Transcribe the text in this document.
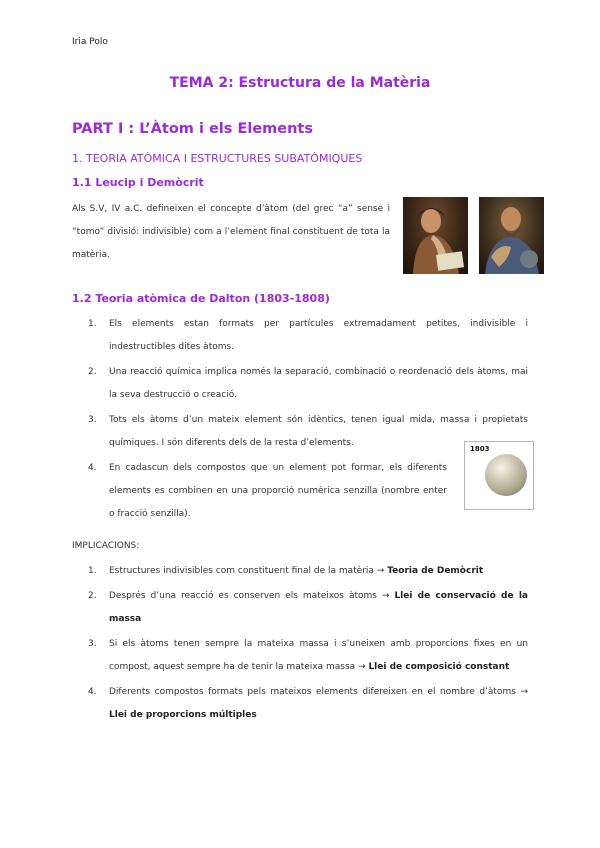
Iria Polo
TEMA 2: Estructura de la Matèria
PART I : L’Àtom i els Elements
1. TEORIA ATÒMICA I ESTRUCTURES SUBATÒMIQUES
1.1 Leucip i Demòcrit
Als S.V, IV a.C. defineixen el concepte d’àtom (del grec “a” sense i “tomo” divisió: indivisible) com a l’element final constituent de tota la matèria.
1.2 Teoria atòmica de Dalton (1803-1808)
1. Els elements estan formats per partícules extremadament petites, indivisible i indestructibles dites àtoms.
2. Una reacció química implica només la separació, combinació o reordenació dels àtoms, mai la seva destrucció o creació.
3. Tots els àtoms d’un mateix element són idèntics, tenen igual mida, massa i propietats químiques. I són diferents dels de la resta d’elements.
4. En cadascun dels compostos que un element pot formar, els diferents elements es combinen en una proporció numèrica senzilla (nombre enter o fracció senzilla).
1803
IMPLICACIONS:
1. Estructures indivisibles com constituent final de la matèria → Teoria de Demòcrit
2. Després d’una reacció es conserven els mateixos àtoms → Llei de conservació de la massa
3. Si els àtoms tenen sempre la mateixa massa i s’uneixen amb proporcions fixes en un compost, aquest sempre ha de tenir la mateixa massa → Llei de composició constant
4. Diferents compostos formats pels mateixos elements difereixen en el nombre d’àtoms → Llei de proporcions múltiples
